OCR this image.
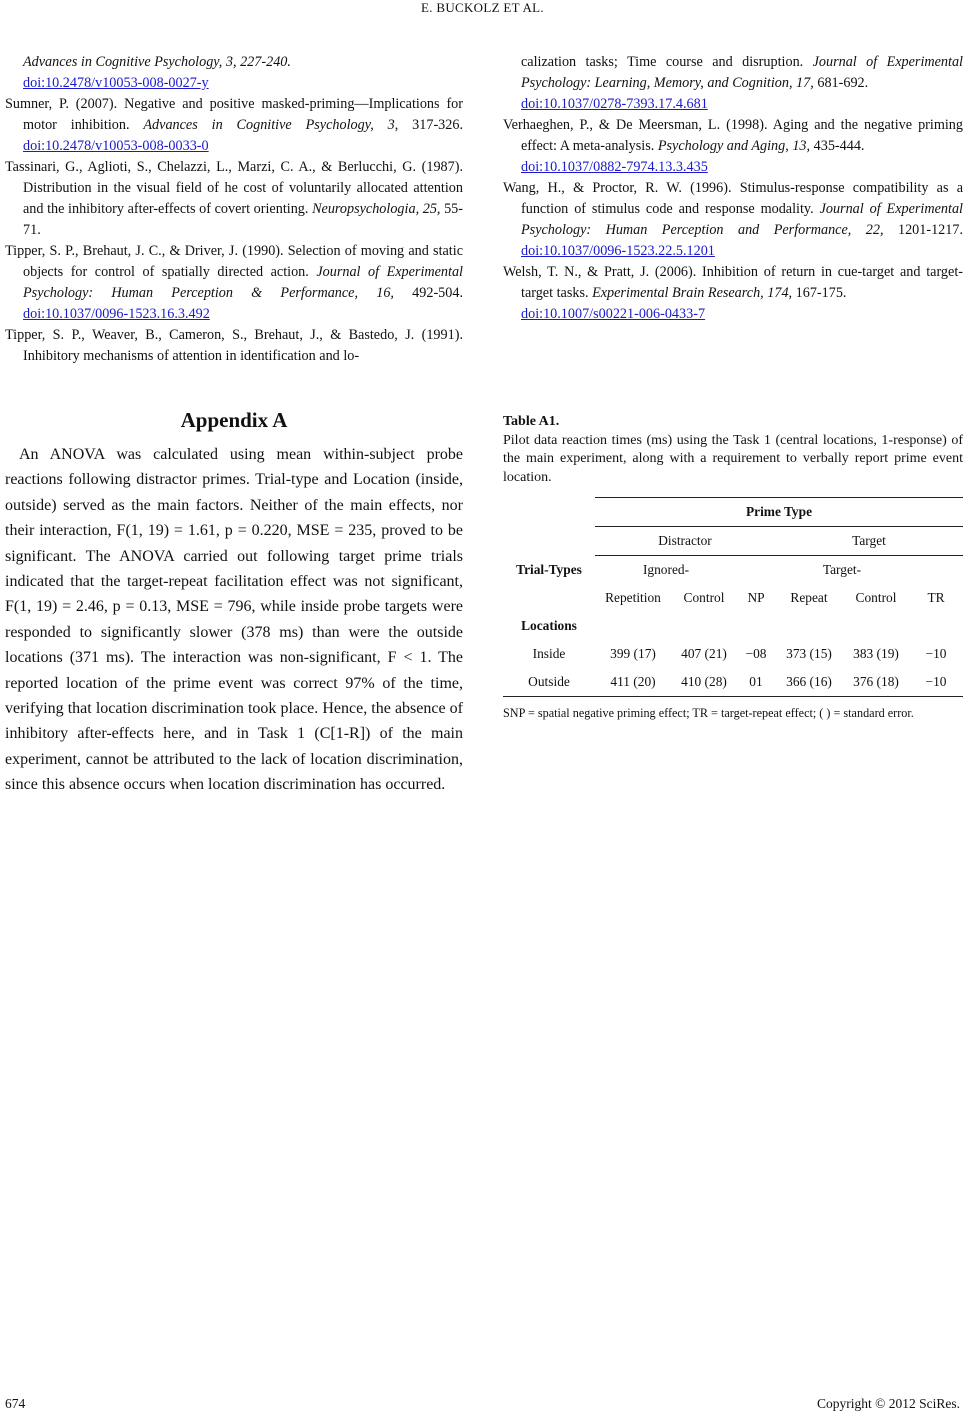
E. BUCKOLZ ET AL.

Advances in Cognitive Psychology, 3, 227-240.
doi:10.2478/v10053-008-0027-y

Sumner, P. (2007). Negative and positive masked-priming—Implications for motor inhibition. Advances in Cognitive Psychology, 3, 317-326. doi:10.2478/v10053-008-0033-0

Tassinari, G., Aglioti, S., Chelazzi, L., Marzi, C. A., & Berlucchi, G. (1987). Distribution in the visual field of he cost of voluntarily allocated attention and the inhibitory after-effects of covert orienting. Neuropsychologia, 25, 55-71.

Tipper, S. P., Brehaut, J. C., & Driver, J. (1990). Selection of moving and static objects for control of spatially directed action. Journal of Experimental Psychology: Human Perception & Performance, 16, 492-504. doi:10.1037/0096-1523.16.3.492

Tipper, S. P., Weaver, B., Cameron, S., Brehaut, J., & Bastedo, J. (1991). Inhibitory mechanisms of attention in identification and lo-

calization tasks; Time course and disruption. Journal of Experimental Psychology: Learning, Memory, and Cognition, 17, 681-692.
doi:10.1037/0278-7393.17.4.681

Verhaeghen, P., & De Meersman, L. (1998). Aging and the negative priming effect: A meta-analysis. Psychology and Aging, 13, 435-444.
doi:10.1037/0882-7974.13.3.435

Wang, H., & Proctor, R. W. (1996). Stimulus-response compatibility as a function of stimulus code and response modality. Journal of Experimental Psychology: Human Perception and Performance, 22, 1201-1217. doi:10.1037/0096-1523.22.5.1201

Welsh, T. N., & Pratt, J. (2006). Inhibition of return in cue-target and target-target tasks. Experimental Brain Research, 174, 167-175.
doi:10.1007/s00221-006-0433-7

Appendix A

An ANOVA was calculated using mean within-subject probe reactions following distractor primes. Trial-type and Location (inside, outside) served as the main factors. Neither of the main effects, nor their interaction, F(1, 19) = 1.61, p = 0.220, MSE = 235, proved to be significant. The ANOVA carried out following target prime trials indicated that the target-repeat facilitation effect was not significant, F(1, 19) = 2.46, p = 0.13, MSE = 796, while inside probe targets were responded to significantly slower (378 ms) than were the outside locations (371 ms). The interaction was non-significant, F < 1. The reported location of the prime event was correct 97% of the time, verifying that location discrimination took place. Hence, the absence of inhibitory after-effects here, and in Task 1 (C[1-R]) of the main experiment, cannot be attributed to the lack of location discrimination, since this absence occurs when location discrimination has occurred.

Table A1.
Pilot data reaction times (ms) using the Task 1 (central locations, 1-response) of the main experiment, along with a requirement to verbally report prime event location.

	Prime Type					
	Distractor			Target		
Trial-Types	Ignored-			Target-		
	Repetition	Control	NP	Repeat	Control	TR
Locations						
Inside	399 (17)	407 (21)	−08	373 (15)	383 (19)	−10
Outside	411 (20)	410 (28)	01	366 (16)	376 (18)	−10

SNP = spatial negative priming effect; TR = target-repeat effect; ( ) = standard error.

674	Copyright © 2012 SciRes.
